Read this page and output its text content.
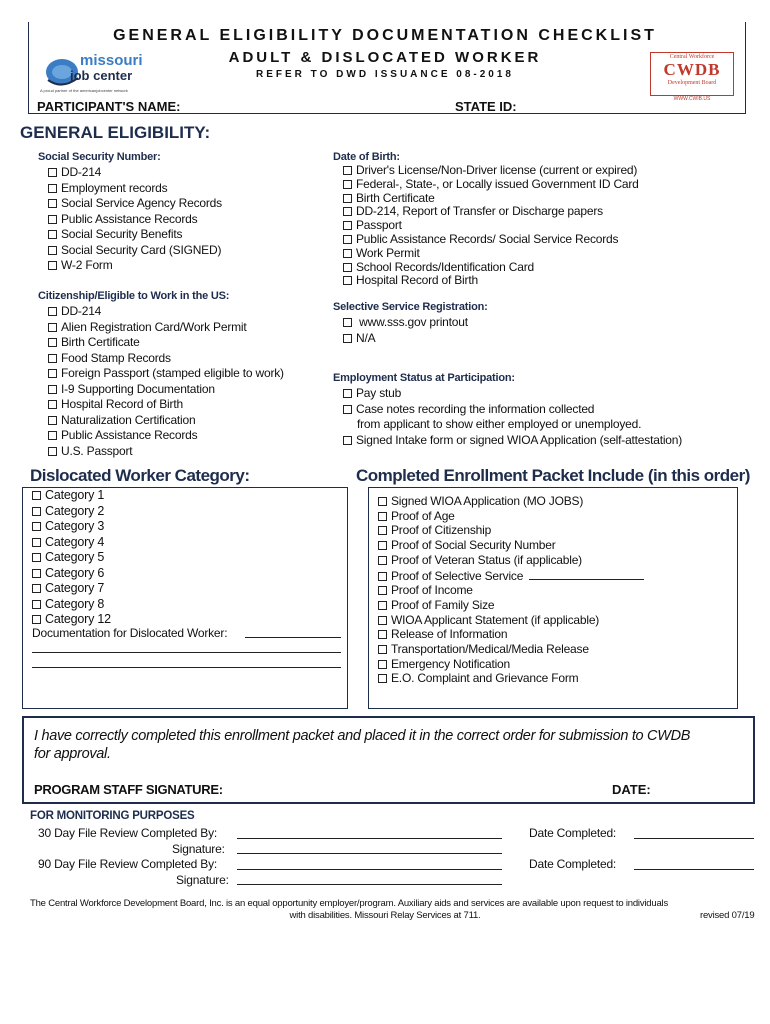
GENERAL ELIGIBILITY DOCUMENTATION CHECKLIST
ADULT & DISLOCATED WORKER
REFER TO DWD ISSUANCE 08-2018
missouri
job center
A proud partner of the americanjobcenter network
Central Workforce
CWDB
Development Board
WWW.CWIB.US
PARTICIPANT'S NAME:	STATE ID:
GENERAL ELIGIBILITY:
Social Security Number:
DD-214
Employment records
Social Service Agency Records
Public Assistance Records
Social Security Benefits
Social Security Card (SIGNED)
W-2 Form
Citizenship/Eligible to Work in the US:
DD-214
Alien Registration Card/Work Permit
Birth Certificate
Food Stamp Records
Foreign Passport (stamped eligible to work)
I-9 Supporting Documentation
Hospital Record of Birth
Naturalization Certification
Public Assistance Records
U.S. Passport
Date of Birth:
Driver's License/Non-Driver license (current or expired)
Federal-, State-, or Locally issued Government ID Card
Birth Certificate
DD-214, Report of Transfer or Discharge papers
Passport
Public Assistance Records/ Social Service Records
Work Permit
School Records/Identification Card
Hospital Record of Birth
Selective Service Registration:
www.sss.gov printout
N/A
Employment Status at Participation:
Pay stub
Case notes recording the information collected
from applicant to show either employed or unemployed.
Signed Intake form or signed WIOA Application (self-attestation)
Dislocated Worker Category:
Category 1
Category 2
Category 3
Category 4
Category 5
Category 6
Category 7
Category 8
Category 12
Documentation for Dislocated Worker:
Completed Enrollment Packet Include (in this order)
Signed WIOA Application (MO JOBS)
Proof of Age
Proof of Citizenship
Proof of Social Security Number
Proof of Veteran Status (if applicable)
Proof of Selective Service
Proof of Income
Proof of Family Size
WIOA Applicant Statement (if applicable)
Release of Information
Transportation/Medical/Media Release
Emergency Notification
E.O. Complaint and Grievance Form
I have correctly completed this enrollment packet and placed it in the correct order for submission to CWDB
for approval.
PROGRAM STAFF SIGNATURE:	DATE:
FOR MONITORING PURPOSES
30 Day File Review Completed By:	Date Completed:
Signature:
90 Day File Review Completed By:	Date Completed:
Signature:
The Central Workforce Development Board, Inc. is an equal opportunity employer/program. Auxiliary aids and services are available upon request to individuals
with disabilities. Missouri Relay Services at 711.	revised 07/19
